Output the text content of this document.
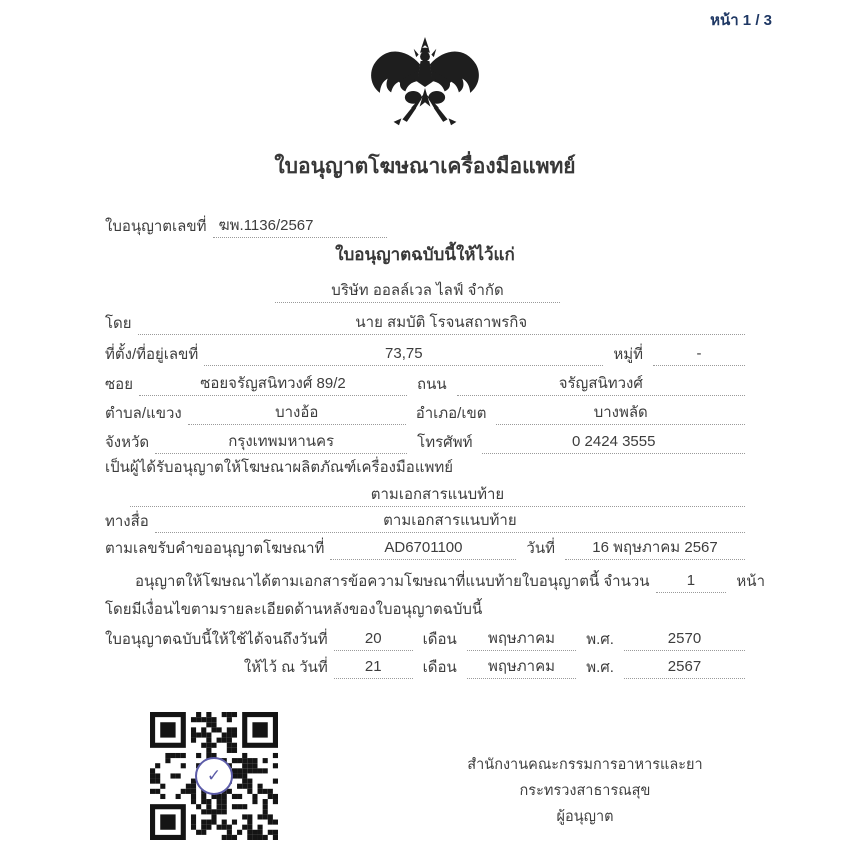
หน้า 1 / 3
ใบอนุญาตโฆษณาเครื่องมือแพทย์
ใบอนุญาตเลขที่ ฆพ.1136/2567
ใบอนุญาตฉบับนี้ให้ไว้แก่
บริษัท ออลล์เวล ไลฟ์ จำกัด
โดย	นาย สมบัติ โรจนสถาพรกิจ
ที่ตั้ง/ที่อยู่เลขที่	73,75	หมู่ที่	-
ซอย	ซอยจรัญสนิทวงศ์ 89/2	ถนน	จรัญสนิทวงศ์
ตำบล/แขวง	บางอ้อ	อำเภอ/เขต	บางพลัด
จังหวัด	กรุงเทพมหานคร	โทรศัพท์	0 2424 3555
เป็นผู้ได้รับอนุญาตให้โฆษณาผลิตภัณฑ์เครื่องมือแพทย์
ตามเอกสารแนบท้าย
ทางสื่อ	ตามเอกสารแนบท้าย
ตามเลขรับคำขออนุญาตโฆษณาที่	AD6701100	วันที่	16 พฤษภาคม 2567
อนุญาตให้โฆษณาได้ตามเอกสารข้อความโฆษณาที่แนบท้ายใบอนุญาตนี้ จำนวน	1	หน้า
โดยมีเงื่อนไขตามรายละเอียดด้านหลังของใบอนุญาตฉบับนี้
ใบอนุญาตฉบับนี้ให้ใช้ได้จนถึงวันที่	20	เดือน	พฤษภาคม	พ.ศ.	2570
ให้ไว้ ณ วันที่	21	เดือน	พฤษภาคม	พ.ศ.	2567
✓
สำนักงานคณะกรรมการอาหารและยา
กระทรวงสาธารณสุข
ผู้อนุญาต
